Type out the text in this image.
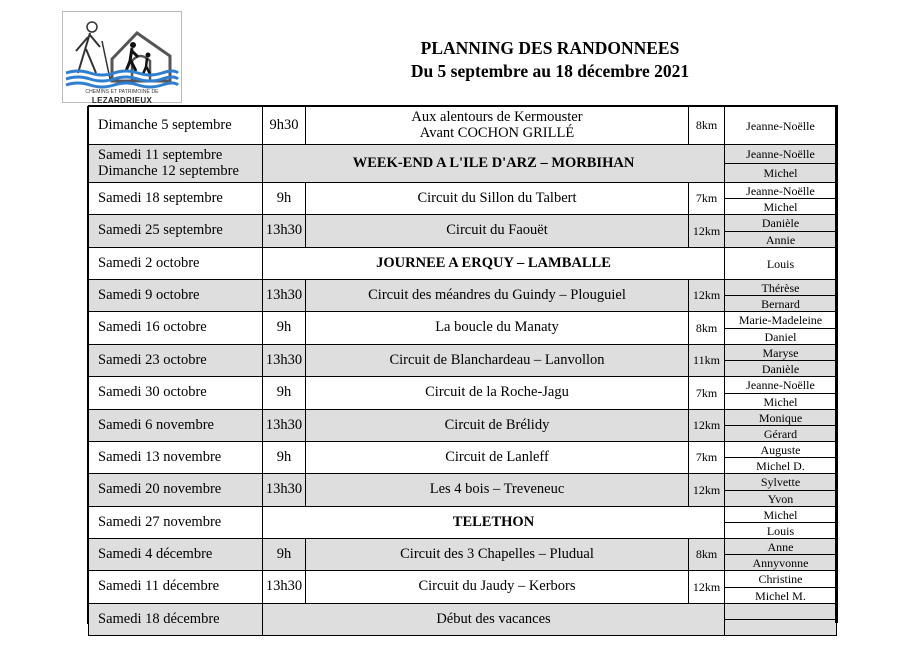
CHEMINS ET PATRIMOINE DE
LEZARDRIEUX
PLANNING DES RANDONNEES
Du 5 septembre au 18 décembre 2021
Dimanche 5 septembre	9h30	Aux alentours de Kermouster
Avant COCHON GRILLÉ	8km	Jeanne-Noëlle

Samedi 11 septembre
Dimanche 12 septembre	WEEK-END A L'ILE D'ARZ – MORBIHAN			Jeanne-Noëlle
				Michel

Samedi 18 septembre	9h	Circuit du Sillon du Talbert	7km	Jeanne-Noëlle
				Michel

Samedi 25 septembre	13h30	Circuit du Faouët	12km	Danièle
				Annie

Samedi 2 octobre	JOURNEE A ERQUY – LAMBALLE			Louis

Samedi 9 octobre	13h30	Circuit des méandres du Guindy – Plouguiel	12km	Thérèse
				Bernard

Samedi 16 octobre	9h	La boucle du Manaty	8km	Marie-Madeleine
				Daniel

Samedi 23 octobre	13h30	Circuit de Blanchardeau – Lanvollon	11km	Maryse
				Danièle

Samedi 30 octobre	9h	Circuit de la Roche-Jagu	7km	Jeanne-Noëlle
				Michel

Samedi 6 novembre	13h30	Circuit de Brélidy	12km	Monique
				Gérard

Samedi 13 novembre	9h	Circuit de Lanleff	7km	Auguste
				Michel D.

Samedi 20 novembre	13h30	Les 4 bois – Treveneuc	12km	Sylvette
				Yvon

Samedi 27 novembre	TELETHON			Michel
				Louis

Samedi 4 décembre	9h	Circuit des 3 Chapelles – Pludual	8km	Anne
				Annyvonne

Samedi 11 décembre	13h30	Circuit du Jaudy – Kerbors	12km	Christine
				Michel M.

Samedi 18 décembre	Début des vacances			
